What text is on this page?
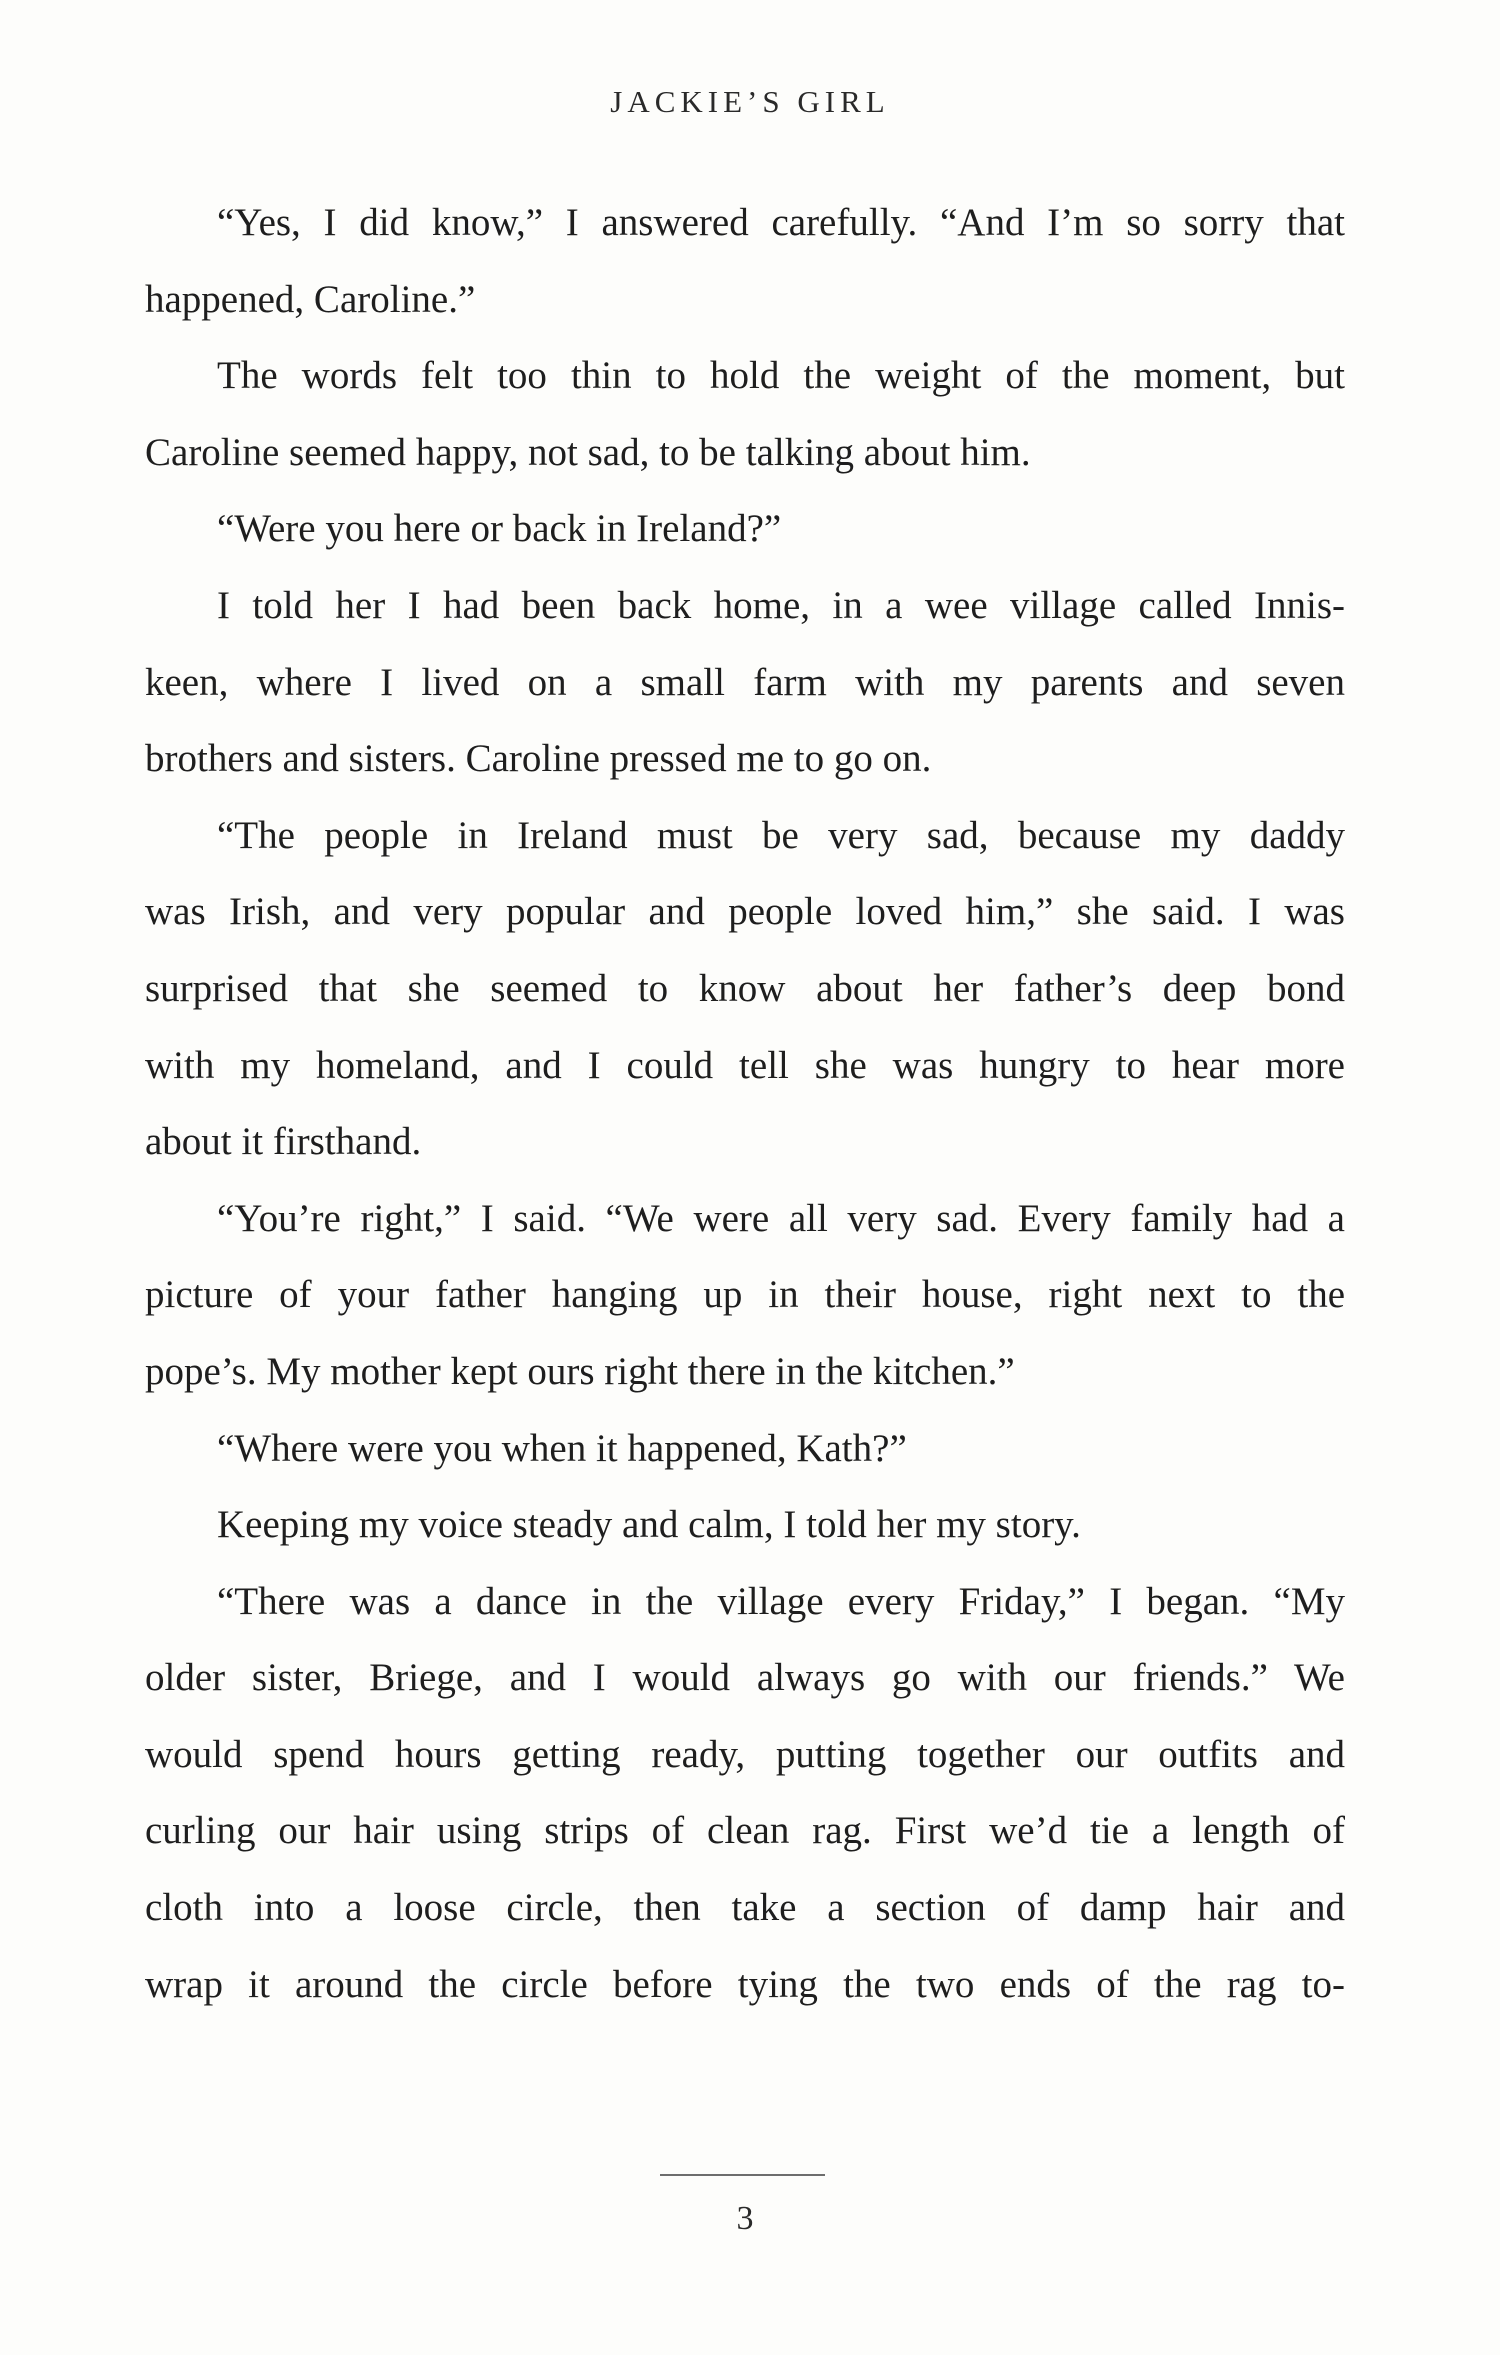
JACKIE’S GIRL
“Yes, I did know,” I answered carefully. “And I’m so sorry that
happened, Caroline.”
The words felt too thin to hold the weight of the moment, but
Caroline seemed happy, not sad, to be talking about him.
“Were you here or back in Ireland?”
I told her I had been back home, in a wee village called Innis-
keen, where I lived on a small farm with my parents and seven
brothers and sisters. Caroline pressed me to go on.
“The people in Ireland must be very sad, because my daddy
was Irish, and very popular and people loved him,” she said. I was
surprised that she seemed to know about her father’s deep bond
with my homeland, and I could tell she was hungry to hear more
about it firsthand.
“You’re right,” I said. “We were all very sad. Every family had a
picture of your father hanging up in their house, right next to the
pope’s. My mother kept ours right there in the kitchen.”
“Where were you when it happened, Kath?”
Keeping my voice steady and calm, I told her my story.
“There was a dance in the village every Friday,” I began. “My
older sister, Briege, and I would always go with our friends.” We
would spend hours getting ready, putting together our outfits and
curling our hair using strips of clean rag. First we’d tie a length of
cloth into a loose circle, then take a section of damp hair and
wrap it around the circle before tying the two ends of the rag to-
3
